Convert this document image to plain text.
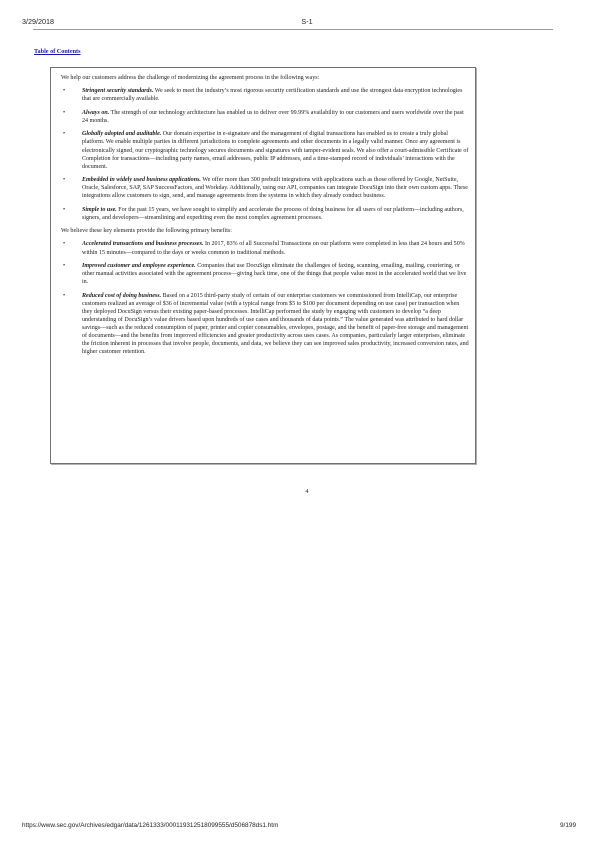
3/29/2018	S-1
Table of Contents

We help our customers address the challenge of modernizing the agreement process in the following ways:

•	Stringent security standards. We seek to meet the industry’s most rigorous security certification standards and use the strongest data encryption technologies that are commercially available.
•	Always on. The strength of our technology architecture has enabled us to deliver over 99.99% availability to our customers and users worldwide over the past 24 months.
•	Globally adopted and auditable. Our domain expertise in e-signature and the management of digital transactions has enabled us to create a truly global platform. We enable multiple parties in different jurisdictions to complete agreements and other documents in a legally valid manner. Once any agreement is electronically signed, our cryptographic technology secures documents and signatures with tamper-evident seals. We also offer a court-admissible Certificate of Completion for transactions—including party names, email addresses, public IP addresses, and a time-stamped record of individuals’ interactions with the document.
•	Embedded in widely used business applications. We offer more than 300 prebuilt integrations with applications such as those offered by Google, NetSuite, Oracle, Salesforce, SAP, SAP SuccessFactors, and Workday. Additionally, using our API, companies can integrate DocuSign into their own custom apps. These integrations allow customers to sign, send, and manage agreements from the systems in which they already conduct business.
•	Simple to use. For the past 15 years, we have sought to simplify and accelerate the process of doing business for all users of our platform—including authors, signers, and developers—streamlining and expediting even the most complex agreement processes.

We believe these key elements provide the following primary benefits:

•	Accelerated transactions and business processes. In 2017, 83% of all Successful Transactions on our platform were completed in less than 24 hours and 50% within 15 minutes—compared to the days or weeks common to traditional methods.
•	Improved customer and employee experience. Companies that use DocuSign eliminate the challenges of faxing, scanning, emailing, mailing, couriering, or other manual activities associated with the agreement process—giving back time, one of the things that people value most in the accelerated world that we live in.
•	Reduced cost of doing business. Based on a 2015 third-party study of certain of our enterprise customers we commissioned from IntelliCap, our enterprise customers realized an average of $36 of incremental value (with a typical range from $5 to $100 per document depending on use case) per transaction when they deployed DocuSign versus their existing paper-based processes. IntelliCap performed the study by engaging with customers to develop “a deep understanding of DocuSign’s value drivers based upon hundreds of use cases and thousands of data points.” The value generated was attributed to hard dollar savings—such as the reduced consumption of paper, printer and copier consumables, envelopes, postage, and the benefit of paper-free storage and management of documents—and the benefits from improved efficiencies and greater productivity across uses cases. As companies, particularly larger enterprises, eliminate the friction inherent in processes that involve people, documents, and data, we believe they can see improved sales productivity, increased conversion rates, and higher customer retention.
4
https://www.sec.gov/Archives/edgar/data/1261333/000119312518099555/d506878ds1.htm	9/199
